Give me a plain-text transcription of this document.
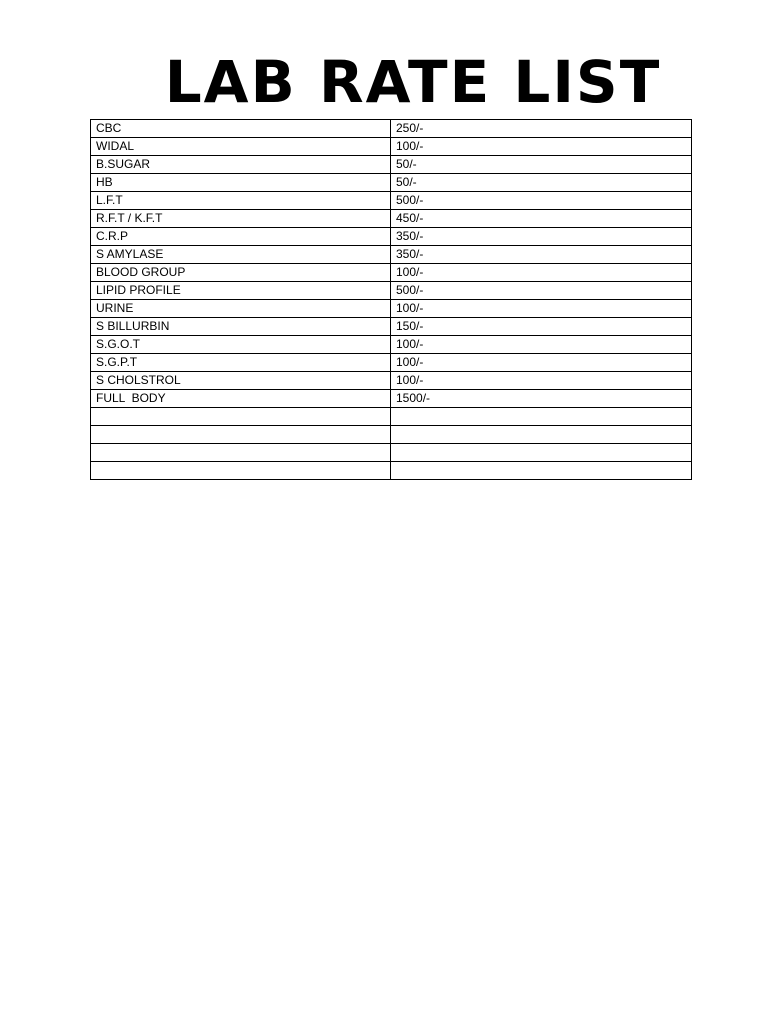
LAB RATE LIST
CBC	250/-
WIDAL	100/-
B.SUGAR	50/-
HB	50/-
L.F.T	500/-
R.F.T / K.F.T	450/-
C.R.P	350/-
S AMYLASE	350/-
BLOOD GROUP	100/-
LIPID PROFILE	500/-
URINE	100/-
S BILLURBIN	150/-
S.G.O.T	100/-
S.G.P.T	100/-
S CHOLSTROL	100/-
FULL  BODY	1500/-
